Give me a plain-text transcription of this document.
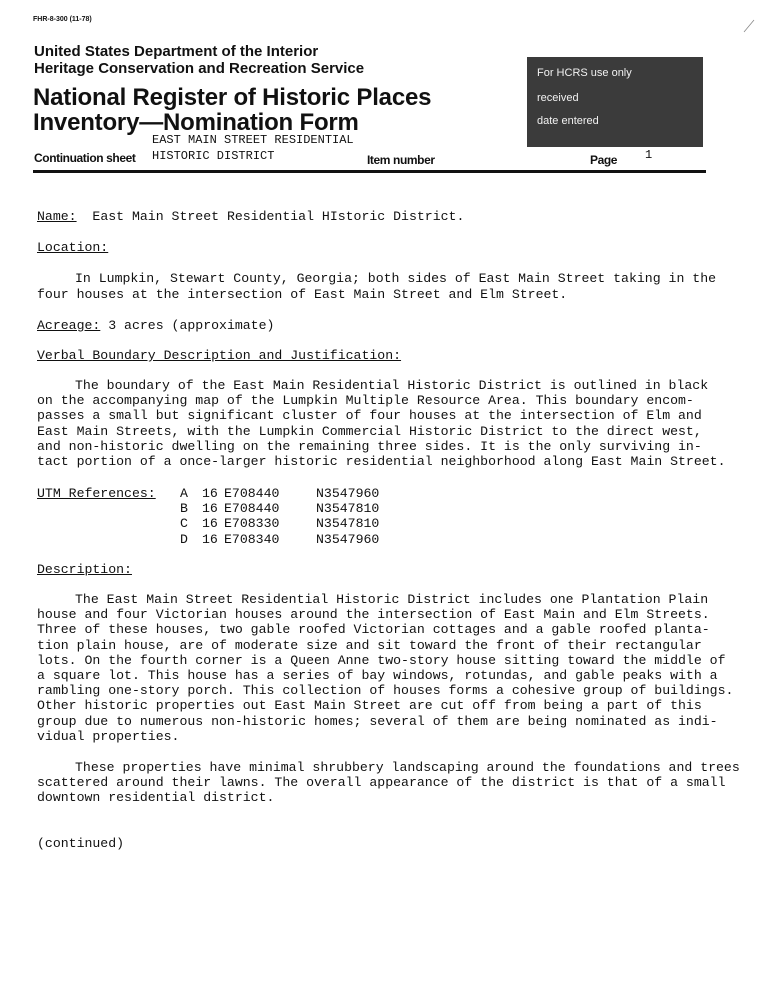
FHR-8-300 (11-78)
United States Department of the Interior
Heritage Conservation and Recreation Service
National Register of Historic Places
Inventory—Nomination Form
For HCRS use only
received
date entered
EAST MAIN STREET RESIDENTIAL
HISTORIC DISTRICT
Continuation sheet	Item number	Page 1
Name: East Main Street Residential HIstoric District.
Location:
In Lumpkin, Stewart County, Georgia; both sides of East Main Street taking in the
four houses at the intersection of East Main Street and Elm Street.
Acreage: 3 acres (approximate)
Verbal Boundary Description and Justification:
The boundary of the East Main Residential Historic District is outlined in black
on the accompanying map of the Lumpkin Multiple Resource Area. This boundary encom-
passes a small but significant cluster of four houses at the intersection of Elm and
East Main Streets, with the Lumpkin Commercial Historic District to the direct west,
and non-historic dwelling on the remaining three sides. It is the only surviving in-
tact portion of a once-larger historic residential neighborhood along East Main Street.
UTM References: A 16 E708440	N3547960
B 16 E708440	N3547810
C 16 E708330	N3547810
D 16 E708340	N3547960
Description:
The East Main Street Residential Historic District includes one Plantation Plain
house and four Victorian houses around the intersection of East Main and Elm Streets.
Three of these houses, two gable roofed Victorian cottages and a gable roofed planta-
tion plain house, are of moderate size and sit toward the front of their rectangular
lots. On the fourth corner is a Queen Anne two-story house sitting toward the middle of
a square lot. This house has a series of bay windows, rotundas, and gable peaks with a
rambling one-story porch. This collection of houses forms a cohesive group of buildings.
Other historic properties out East Main Street are cut off from being a part of this
group due to numerous non-historic homes; several of them are being nominated as indi-
vidual properties.
These properties have minimal shrubbery landscaping around the foundations and trees
scattered around their lawns. The overall appearance of the district is that of a small
downtown residential district.
(continued)
